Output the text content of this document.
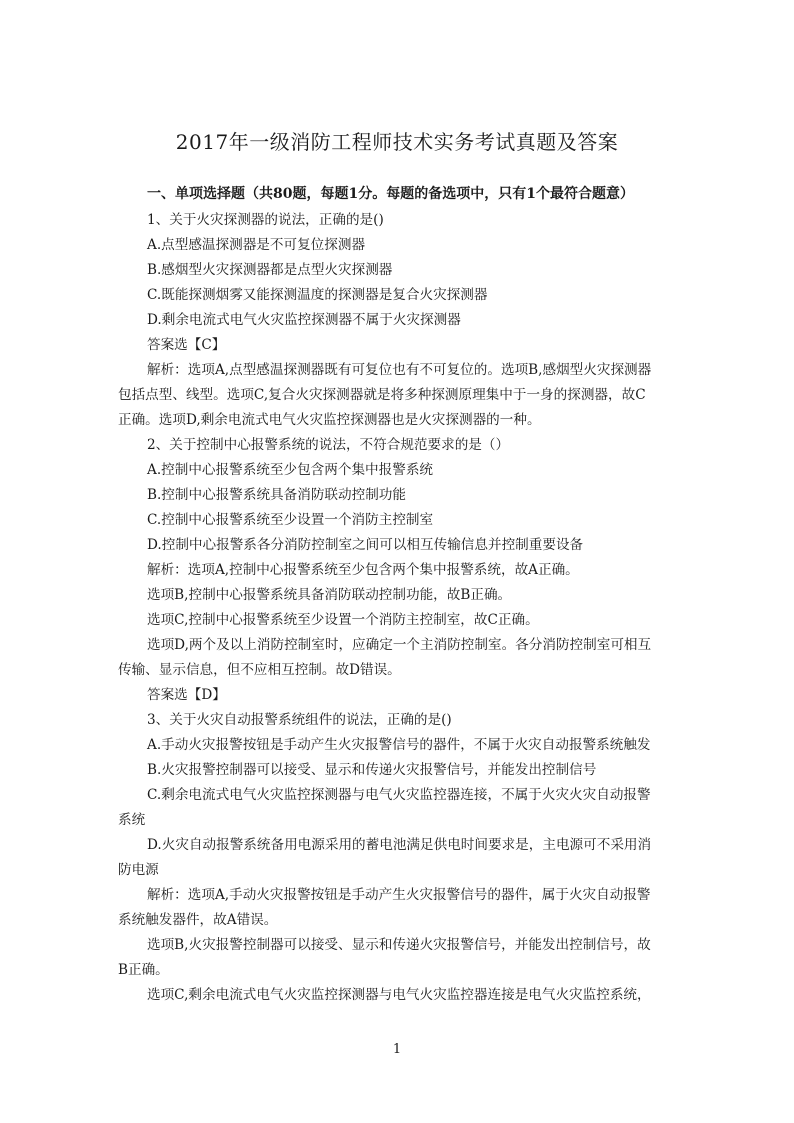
2017年一级消防工程师技术实务考试真题及答案
一、单项选择题（共80题，每题1分。每题的备选项中，只有1个最符合题意）
1、关于火灾探测器的说法，正确的是()
A.点型感温探测器是不可复位探测器
B.感烟型火灾探测器都是点型火灾探测器
C.既能探测烟雾又能探测温度的探测器是复合火灾探测器
D.剩余电流式电气火灾监控探测器不属于火灾探测器
答案选【C】
解析：选项A,点型感温探测器既有可复位也有不可复位的。选项B,感烟型火灾探测器
包括点型、线型。选项C,复合火灾探测器就是将多种探测原理集中于一身的探测器，故C
正确。选项D,剩余电流式电气火灾监控探测器也是火灾探测器的一种。
2、关于控制中心报警系统的说法，不符合规范要求的是（）
A.控制中心报警系统至少包含两个集中报警系统
B.控制中心报警系统具备消防联动控制功能
C.控制中心报警系统至少设置一个消防主控制室
D.控制中心报警系各分消防控制室之间可以相互传输信息并控制重要设备
解析：选项A,控制中心报警系统至少包含两个集中报警系统，故A正确。
选项B,控制中心报警系统具备消防联动控制功能，故B正确。
选项C,控制中心报警系统至少设置一个消防主控制室，故C正确。
选项D,两个及以上消防控制室时，应确定一个主消防控制室。各分消防控制室可相互
传输、显示信息，但不应相互控制。故D错误。
答案选【D】
3、关于火灾自动报警系统组件的说法，正确的是()
A.手动火灾报警按钮是手动产生火灾报警信号的器件，不属于火灾自动报警系统触发
B.火灾报警控制器可以接受、显示和传递火灾报警信号，并能发出控制信号
C.剩余电流式电气火灾监控探测器与电气火灾监控器连接，不属于火灾火灾自动报警
系统
D.火灾自动报警系统备用电源采用的蓄电池满足供电时间要求是，主电源可不采用消
防电源
解析：选项A,手动火灾报警按钮是手动产生火灾报警信号的器件，属于火灾自动报警
系统触发器件，故A错误。
选项B,火灾报警控制器可以接受、显示和传递火灾报警信号，并能发出控制信号，故
B正确。
选项C,剩余电流式电气火灾监控探测器与电气火灾监控器连接是电气火灾监控系统，
1
